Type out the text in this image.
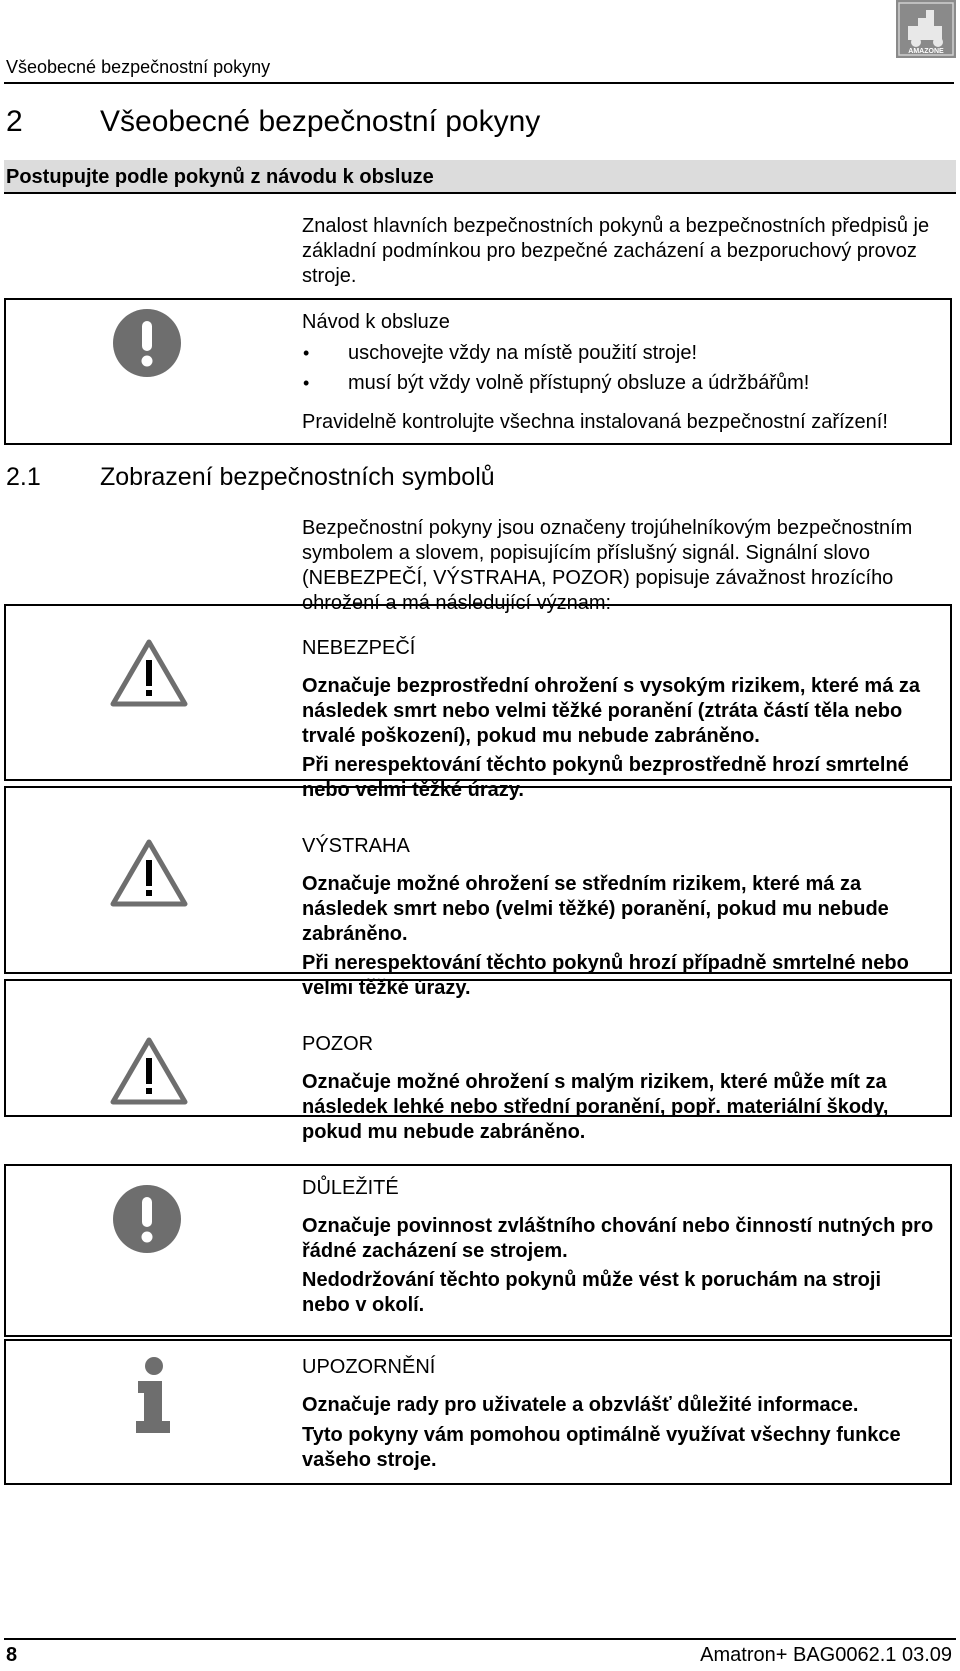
Všeobecné bezpečnostní pokyny
AMAZONE
2	Všeobecné bezpečnostní pokyny
Postupujte podle pokynů z návodu k obsluze
Znalost hlavních bezpečnostních pokynů a bezpečnostních předpisů je základní podmínkou pro bezpečné zacházení a bezporuchový provoz stroje.
Návod k obsluze
• uschovejte vždy na místě použití stroje!
• musí být vždy volně přístupný obsluze a údržbářům!
Pravidelně kontrolujte všechna instalovaná bezpečnostní zařízení!
2.1 Zobrazení bezpečnostních symbolů
Bezpečnostní pokyny jsou označeny trojúhelníkovým bezpečnostním symbolem a slovem, popisujícím příslušný signál. Signální slovo (NEBEZPEČÍ, VÝSTRAHA, POZOR) popisuje závažnost hrozícího ohrožení a má následující význam:
NEBEZPEČÍ
Označuje bezprostřední ohrožení s vysokým rizikem, které má za následek smrt nebo velmi těžké poranění (ztráta částí těla nebo trvalé poškození), pokud mu nebude zabráněno.
Při nerespektování těchto pokynů bezprostředně hrozí smrtelné nebo velmi těžké úrazy.
VÝSTRAHA
Označuje možné ohrožení se středním rizikem, které má za následek smrt nebo (velmi těžké) poranění, pokud mu nebude zabráněno.
Při nerespektování těchto pokynů hrozí případně smrtelné nebo velmi těžké úrazy.
POZOR
Označuje možné ohrožení s malým rizikem, které může mít za následek lehké nebo střední poranění, popř. materiální škody, pokud mu nebude zabráněno.
DŮLEŽITÉ
Označuje povinnost zvláštního chování nebo činností nutných pro řádné zacházení se strojem.
Nedodržování těchto pokynů může vést k poruchám na stroji nebo v okolí.
UPOZORNĚNÍ
Označuje rady pro uživatele a obzvlášť důležité informace.
Tyto pokyny vám pomohou optimálně využívat všechny funkce vašeho stroje.
8	Amatron+ BAG0062.1 03.09
